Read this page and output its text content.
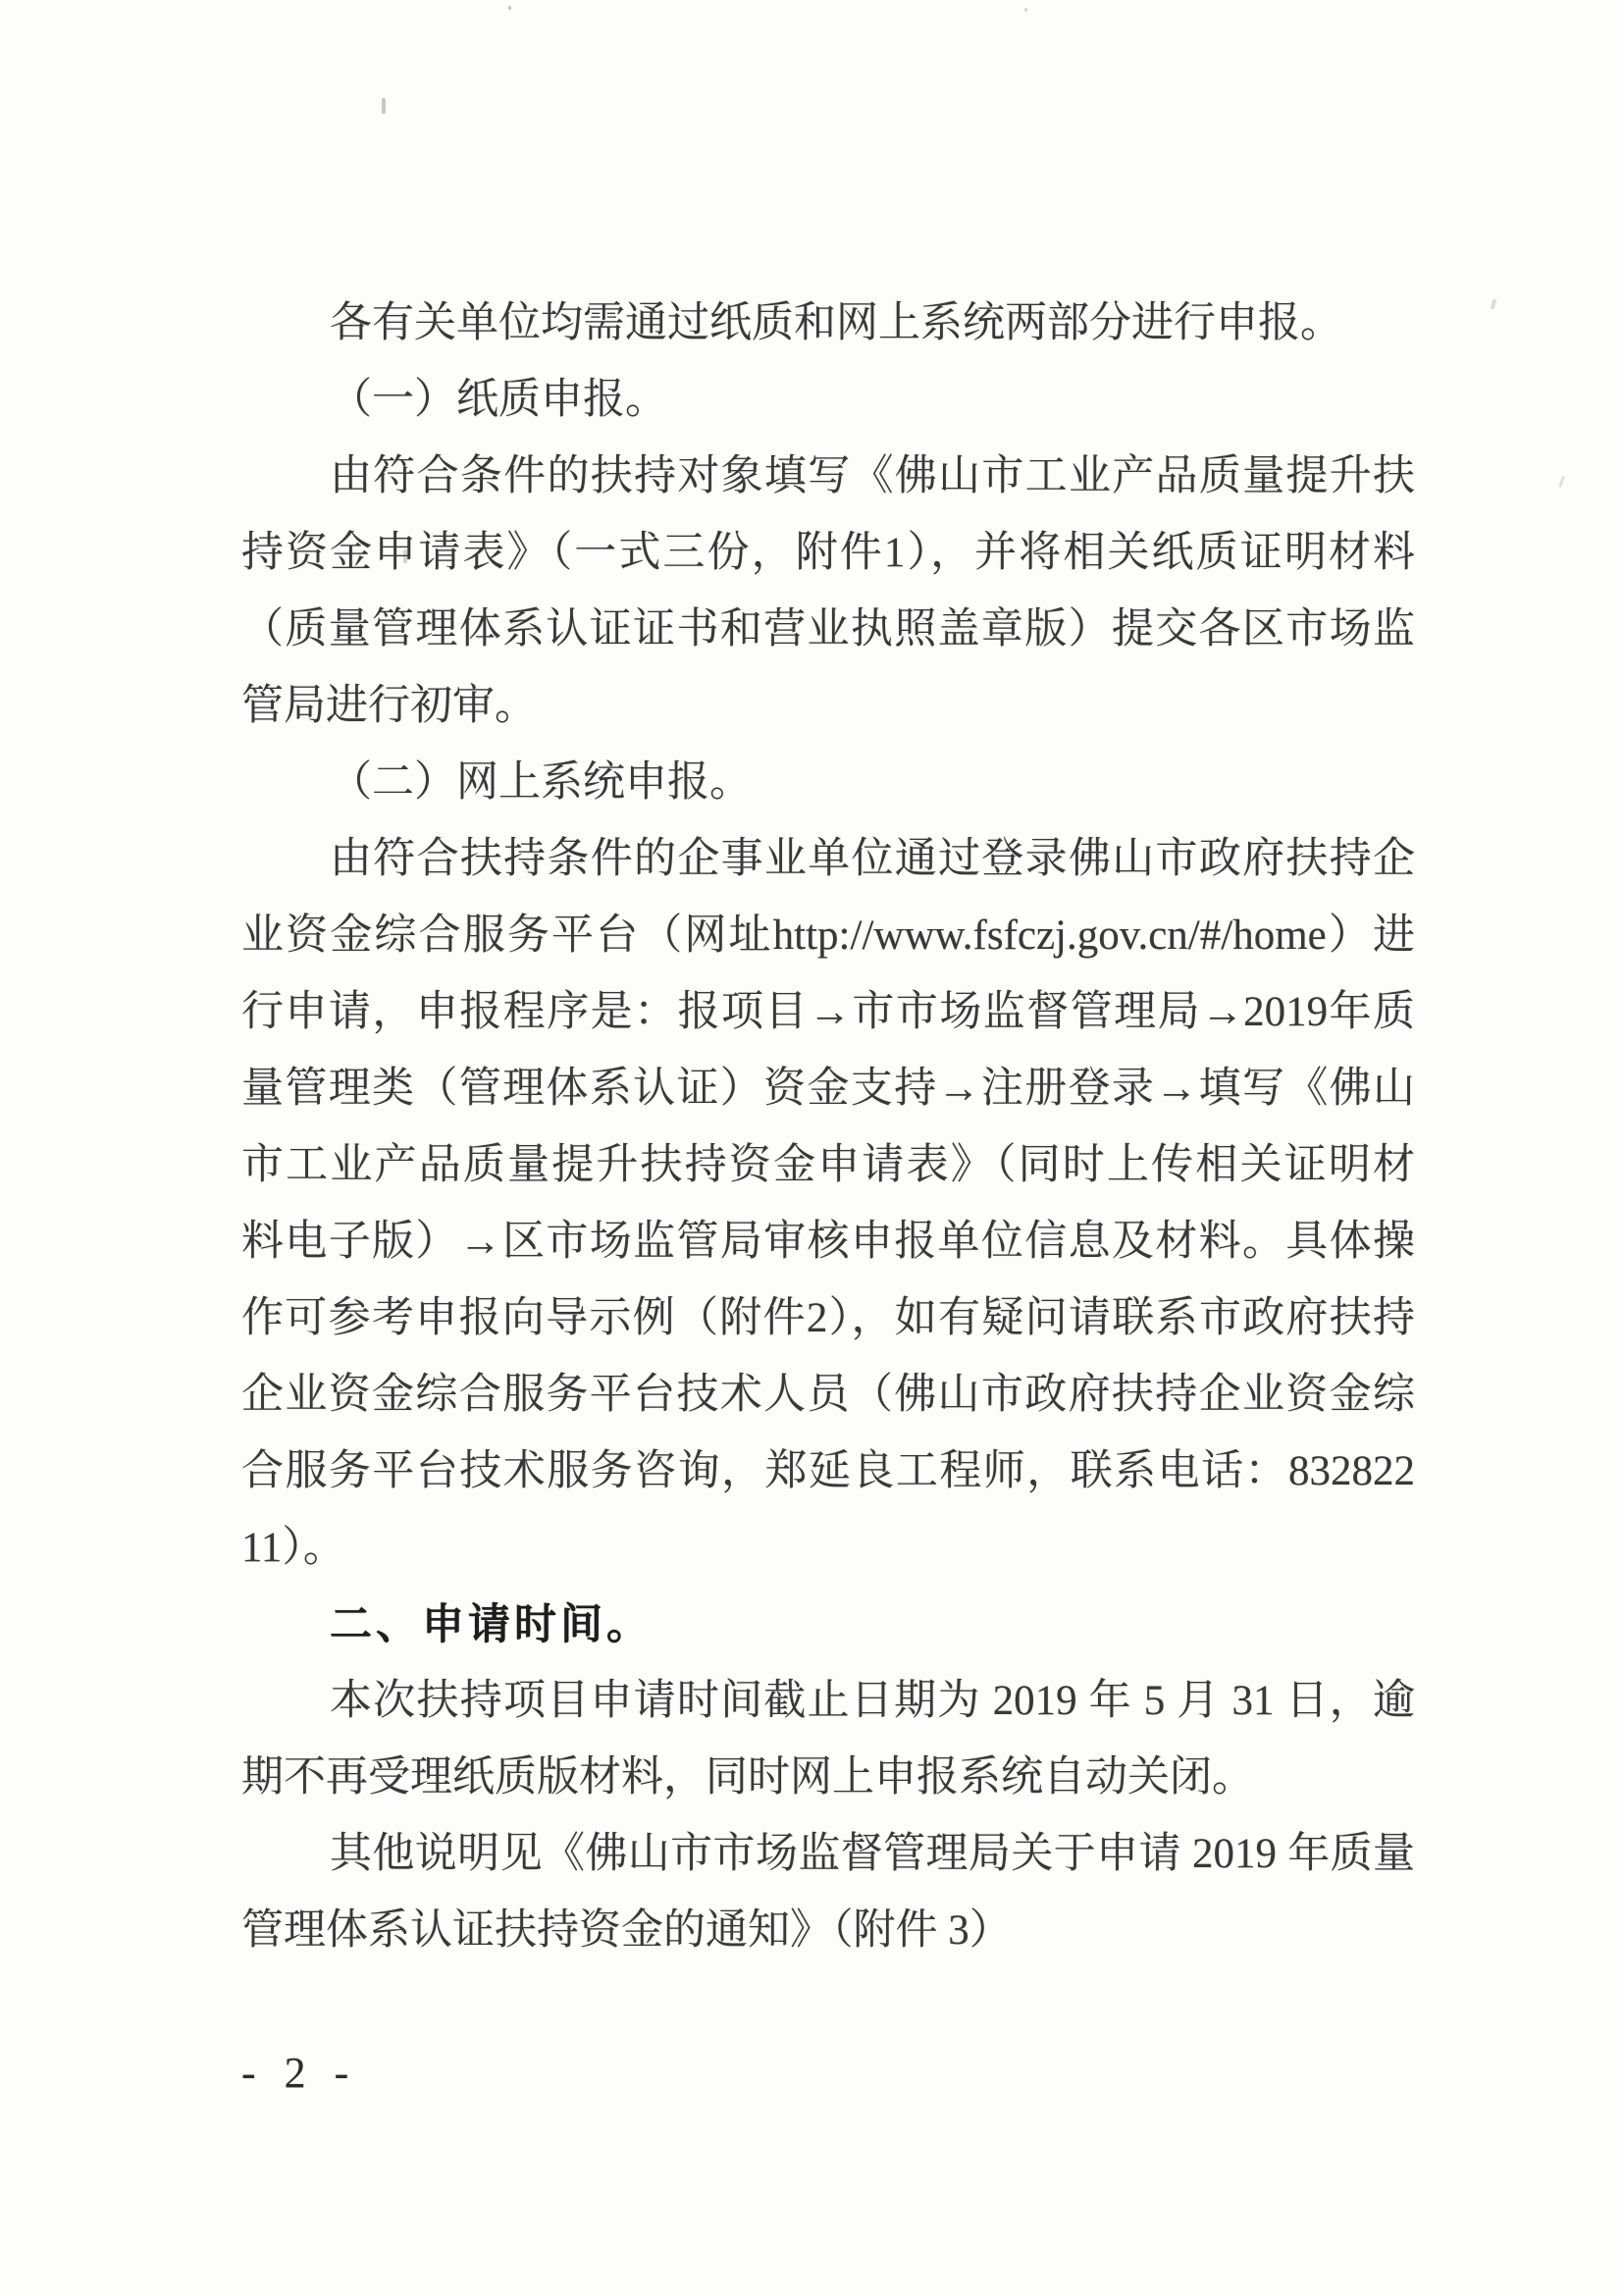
各有关单位均需通过纸质和网上系统两部分进行申报。
（一）纸质申报。
由符合条件的扶持对象填写《佛山市工业产品质量提升扶
持资金申请表》（一式三份，附件1），并将相关纸质证明材料
（质量管理体系认证证书和营业执照盖章版）提交各区市场监
管局进行初审。
（二）网上系统申报。
由符合扶持条件的企事业单位通过登录佛山市政府扶持企
业资金综合服务平台（网址http://www.fsfczj.gov.cn/#/home）进
行申请，申报程序是：报项目→市市场监督管理局→2019年质
量管理类（管理体系认证）资金支持→注册登录→填写《佛山
市工业产品质量提升扶持资金申请表》（同时上传相关证明材
料电子版）→区市场监管局审核申报单位信息及材料。具体操
作可参考申报向导示例（附件2），如有疑问请联系市政府扶持
企业资金综合服务平台技术人员（佛山市政府扶持企业资金综
合服务平台技术服务咨询，郑延良工程师，联系电话：832822
11）。
二、申请时间。
本次扶持项目申请时间截止日期为 2019 年 5 月 31 日，逾
期不再受理纸质版材料，同时网上申报系统自动关闭。
其他说明见《佛山市市场监督管理局关于申请 2019 年质量
管理体系认证扶持资金的通知》（附件 3）
- 2 -
